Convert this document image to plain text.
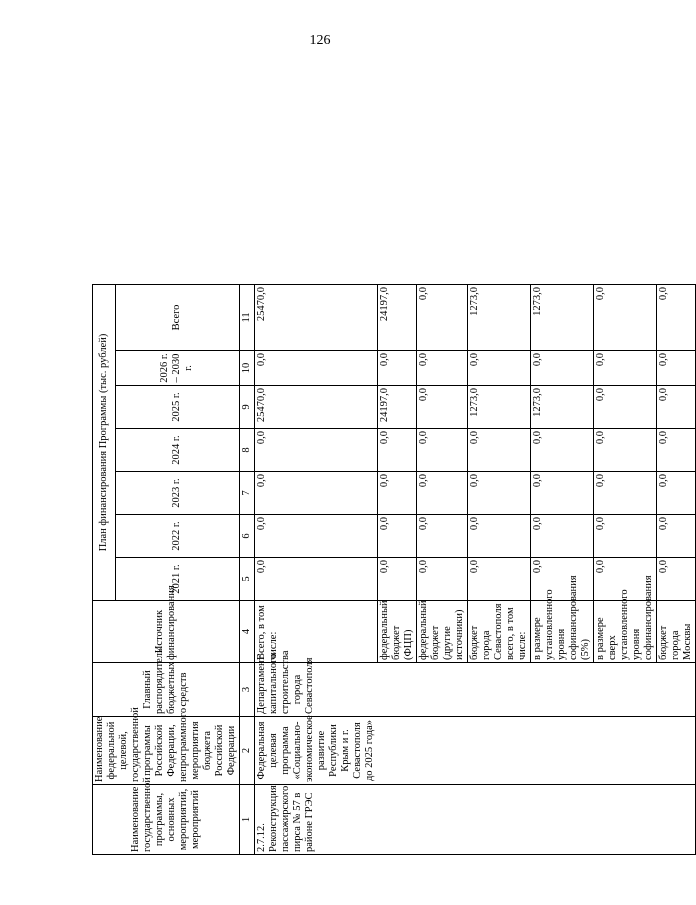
126
Наименование государственной программы, основных мероприятий, мероприятий	Наименование федеральной целевой, государственной программы Российской Федерации, непрограммного мероприятия бюджета Российской Федерации	Главный распорядитель бюджетных средств	Источник финансирования	План финансирования Программы (тыс. рублей)						
				2021 г.	2022 г.	2023 г.	2024 г.	2025 г.	2026 г. – 2030 г.	Всего
1	2	3	4	5	6	7	8	9	10	11
2.7.12. Реконструкция пассажирского пирса № 57 в районе ГРЭС	Федеральная целевая программа «Социально-экономическое развитие Республики Крым и г. Севастополя до 2025 года»	Департамент капитального строительства города Севастополя	Всего, в том числе:	0,0	0,0	0,0	0,0	25470,0	0,0	25470,0
			федеральный бюджет (ФЦП)	0,0	0,0	0,0	0,0	24197,0	0,0	24197,0
			федеральный бюджет (другие источники)	0,0	0,0	0,0	0,0	0,0	0,0	0,0
			бюджет города Севастополя всего, в том числе:	0,0	0,0	0,0	0,0	1273,0	0,0	1273,0
			в размере установленного уровня софинансирования (5%)	0,0	0,0	0,0	0,0	1273,0	0,0	1273,0
			в размере сверх установленного уровня софинансирования	0,0	0,0	0,0	0,0	0,0	0,0	0,0
			бюджет города Москвы	0,0	0,0	0,0	0,0	0,0	0,0	0,0
